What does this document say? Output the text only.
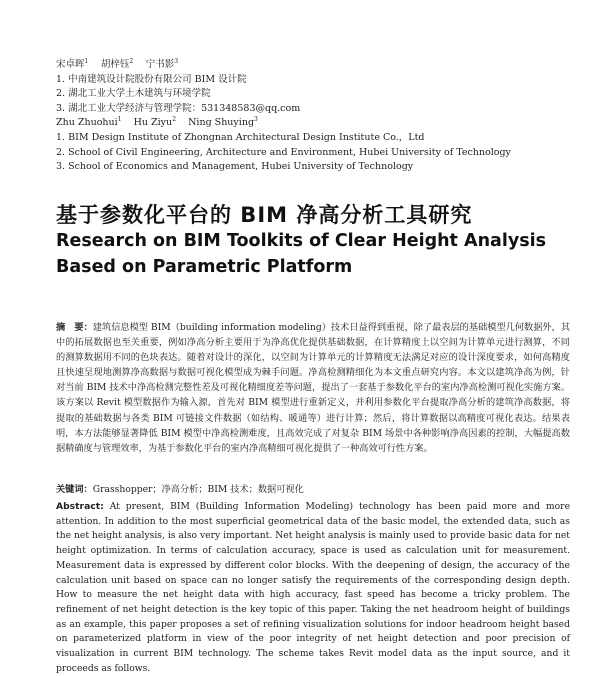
宋卓晖$^1$　 胡梓钰$^2$　 宁书影$^3$
1. 中南建筑设计院股份有限公司 BIM 设计院
2. 湖北工业大学土木建筑与环境学院
3. 湖北工业大学经济与管理学院：531348583@qq.com
Zhu Zhuohui$^1$ Hu Ziyu$^2$ Ning Shuying$^3$
1. BIM Design Institute of Zhongnan Architectural Design Institute Co.，Ltd
2. School of Civil Engineering, Architecture and Environment, Hubei University of Technology
3. School of Economics and Management, Hubei University of Technology
基于参数化平台的 BIM 净高分析工具研究
Research on BIM Toolkits of Clear Height Analysis
Based on Parametric Platform
摘　要：建筑信息模型 BIM（building information modeling）技术日益得到重视，除了最表层的基础模型几何数据外，其中的拓展数据也至关重要，例如净高分析主要用于为净高优化提供基础数据，在计算精度上以空间为计算单元进行测算，不同的测算数据用不同的色块表达。随着对设计的深化，以空间为计算单元的计算精度无法满足对应的设计深度要求，如何高精度且快速呈现地测算净高数据与数据可视化模型成为棘手问题。净高检测精细化为本文重点研究内容。本文以建筑净高为例，针对当前 BIM 技术中净高检测完整性差及可视化精细度差等问题，提出了一套基于参数化平台的室内净高检测可视化实施方案。该方案以 Revit 模型数据作为输入源，首先对 BIM 模型进行重新定义，并利用参数化平台提取净高分析的建筑净高数据，将提取的基础数据与各类 BIM 可链接文件数据（如结构、暖通等）进行计算；然后，将计算数据以高精度可视化表达。结果表明，本方法能够显著降低 BIM 模型中净高检测难度，且高效完成了对复杂 BIM 场景中各种影响净高因素的控制，大幅提高数据精确度与管理效率，为基于参数化平台的室内净高精细可视化提供了一种高效可行性方案。
关键词：Grasshopper；净高分析；BIM 技术；数据可视化
Abstract: At present, BIM (Building Information Modeling) technology has been paid more and more attention. In addition to the most superficial geometrical data of the basic model, the extended data, such as the net height analysis, is also very important. Net height analysis is mainly used to provide basic data for net height optimization. In terms of calculation accuracy, space is used as calculation unit for measurement. Measurement data is expressed by different color blocks. With the deepening of design, the accuracy of the calculation unit based on space can no longer satisfy the requirements of the corresponding design depth. How to measure the net height data with high accuracy, fast speed has become a tricky problem. The refinement of net height detection is the key topic of this paper. Taking the net headroom height of buildings as an example, this paper proposes a set of refining visualization solutions for indoor headroom height based on parameterized platform in view of the poor integrity of net height detection and poor precision of visualization in current BIM technology. The scheme takes Revit model data as the input source, and it proceeds as follows.
